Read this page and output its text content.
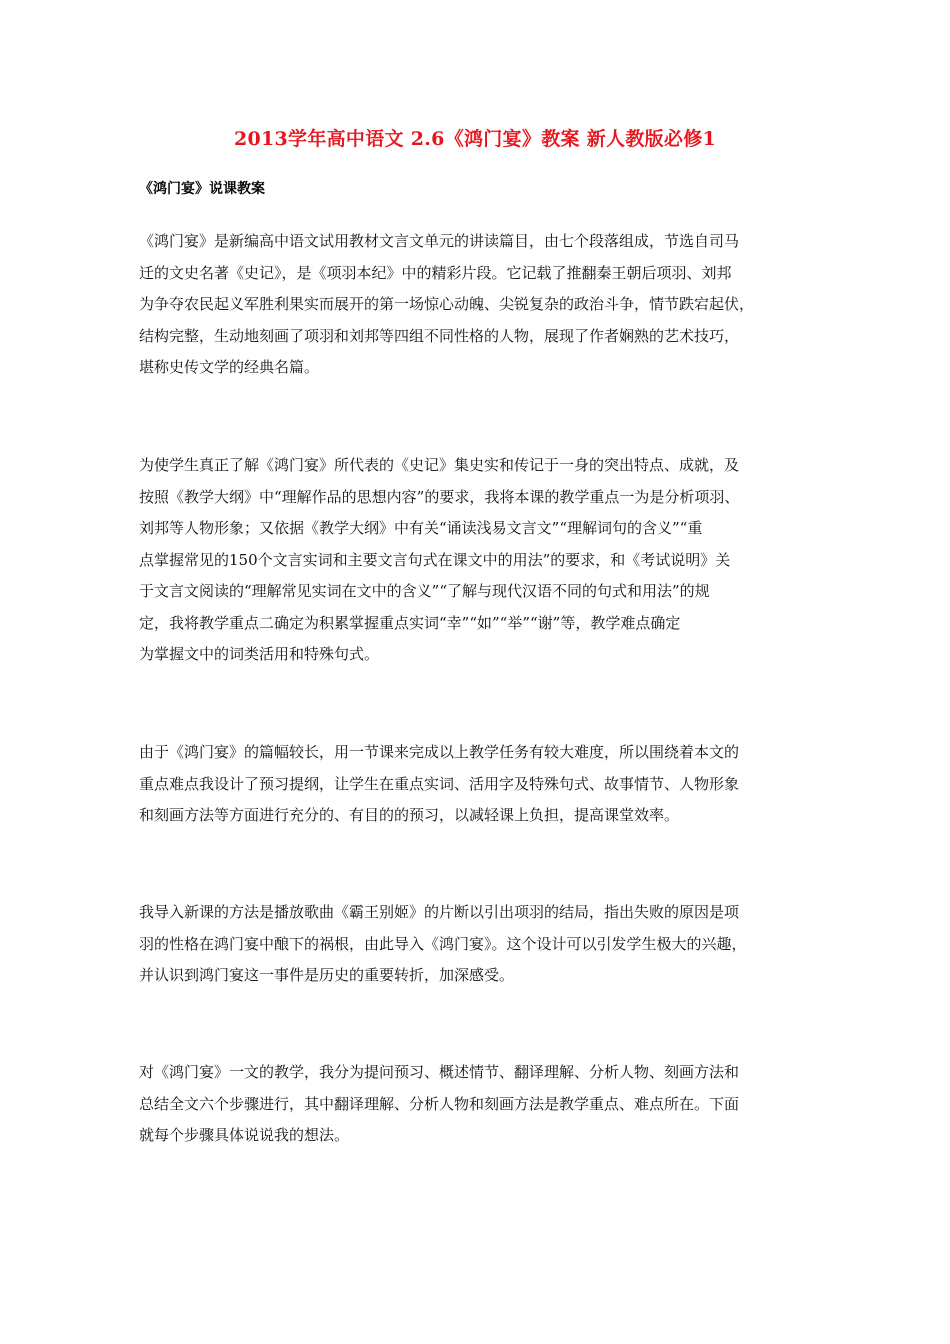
2013学年高中语文 2.6《鸿门宴》教案 新人教版必修1
《鸿门宴》说课教案
《鸿门宴》是新编高中语文试用教材文言文单元的讲读篇目，由七个段落组成，节选自司马
迁的文史名著《史记》，是《项羽本纪》中的精彩片段。它记载了推翻秦王朝后项羽、刘邦
为争夺农民起义军胜利果实而展开的第一场惊心动魄、尖锐复杂的政治斗争，情节跌宕起伏，
结构完整，生动地刻画了项羽和刘邦等四组不同性格的人物，展现了作者娴熟的艺术技巧，
堪称史传文学的经典名篇。
为使学生真正了解《鸿门宴》所代表的《史记》集史实和传记于一身的突出特点、成就，及
按照《教学大纲》中“理解作品的思想内容”的要求，我将本课的教学重点一为是分析项羽、
刘邦等人物形象；又依据《教学大纲》中有关“诵读浅易文言文”“理解词句的含义”“重
点掌握常见的150个文言实词和主要文言句式在课文中的用法”的要求，和《考试说明》关
于文言文阅读的“理解常见实词在文中的含义”“了解与现代汉语不同的句式和用法”的规
定，我将教学重点二确定为积累掌握重点实词“幸”“如”“举”“谢”等，教学难点确定
为掌握文中的词类活用和特殊句式。
由于《鸿门宴》的篇幅较长，用一节课来完成以上教学任务有较大难度，所以围绕着本文的
重点难点我设计了预习提纲，让学生在重点实词、活用字及特殊句式、故事情节、人物形象
和刻画方法等方面进行充分的、有目的的预习，以减轻课上负担，提高课堂效率。
我导入新课的方法是播放歌曲《霸王别姬》的片断以引出项羽的结局，指出失败的原因是项
羽的性格在鸿门宴中酿下的祸根，由此导入《鸿门宴》。这个设计可以引发学生极大的兴趣，
并认识到鸿门宴这一事件是历史的重要转折，加深感受。
对《鸿门宴》一文的教学，我分为提问预习、概述情节、翻译理解、分析人物、刻画方法和
总结全文六个步骤进行，其中翻译理解、分析人物和刻画方法是教学重点、难点所在。下面
就每个步骤具体说说我的想法。
